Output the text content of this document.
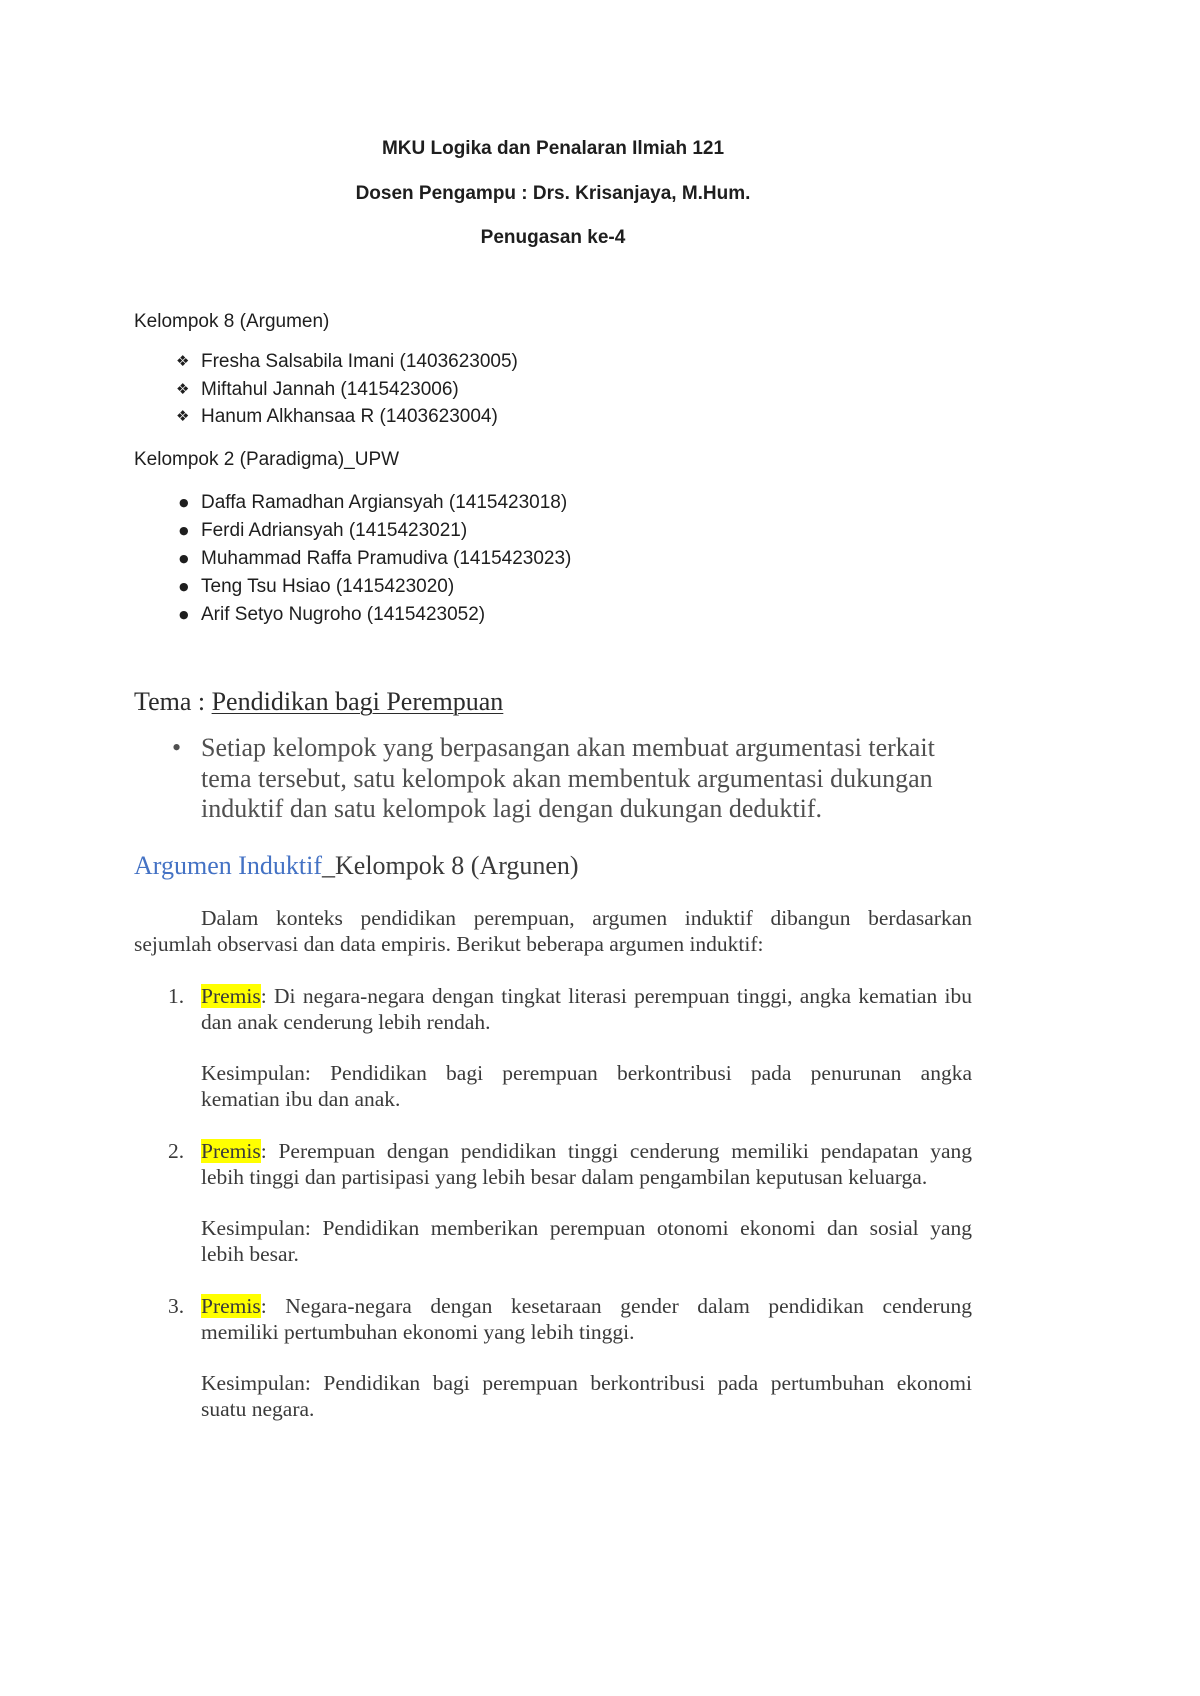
MKU Logika dan Penalaran Ilmiah 121
Dosen Pengampu : Drs. Krisanjaya, M.Hum.
Penugasan ke-4
Kelompok 8 (Argumen)
❖ Fresha Salsabila Imani (1403623005)
❖ Miftahul Jannah (1415423006)
❖ Hanum Alkhansaa R (1403623004)
Kelompok 2 (Paradigma)_UPW
● Daffa Ramadhan Argiansyah (1415423018)
● Ferdi Adriansyah (1415423021)
● Muhammad Raffa Pramudiva (1415423023)
● Teng Tsu Hsiao (1415423020)
● Arif Setyo Nugroho (1415423052)
Tema : Pendidikan bagi Perempuan
• Setiap kelompok yang berpasangan akan membuat argumentasi terkait tema tersebut, satu kelompok akan membentuk argumentasi dukungan induktif dan satu kelompok lagi dengan dukungan deduktif.

Argumen Induktif_Kelompok 8 (Argunen)
Dalam konteks pendidikan perempuan, argumen induktif dibangun berdasarkan
sejumlah observasi dan data empiris. Berikut beberapa argumen induktif:
1. Premis: Di negara-negara dengan tingkat literasi perempuan tinggi, angka kematian ibu
dan anak cenderung lebih rendah.
Kesimpulan: Pendidikan bagi perempuan berkontribusi pada penurunan angka
kematian ibu dan anak.
2. Premis: Perempuan dengan pendidikan tinggi cenderung memiliki pendapatan yang
lebih tinggi dan partisipasi yang lebih besar dalam pengambilan keputusan keluarga.
Kesimpulan: Pendidikan memberikan perempuan otonomi ekonomi dan sosial yang
lebih besar.
3. Premis: Negara-negara dengan kesetaraan gender dalam pendidikan cenderung
memiliki pertumbuhan ekonomi yang lebih tinggi.
Kesimpulan: Pendidikan bagi perempuan berkontribusi pada pertumbuhan ekonomi
suatu negara.
